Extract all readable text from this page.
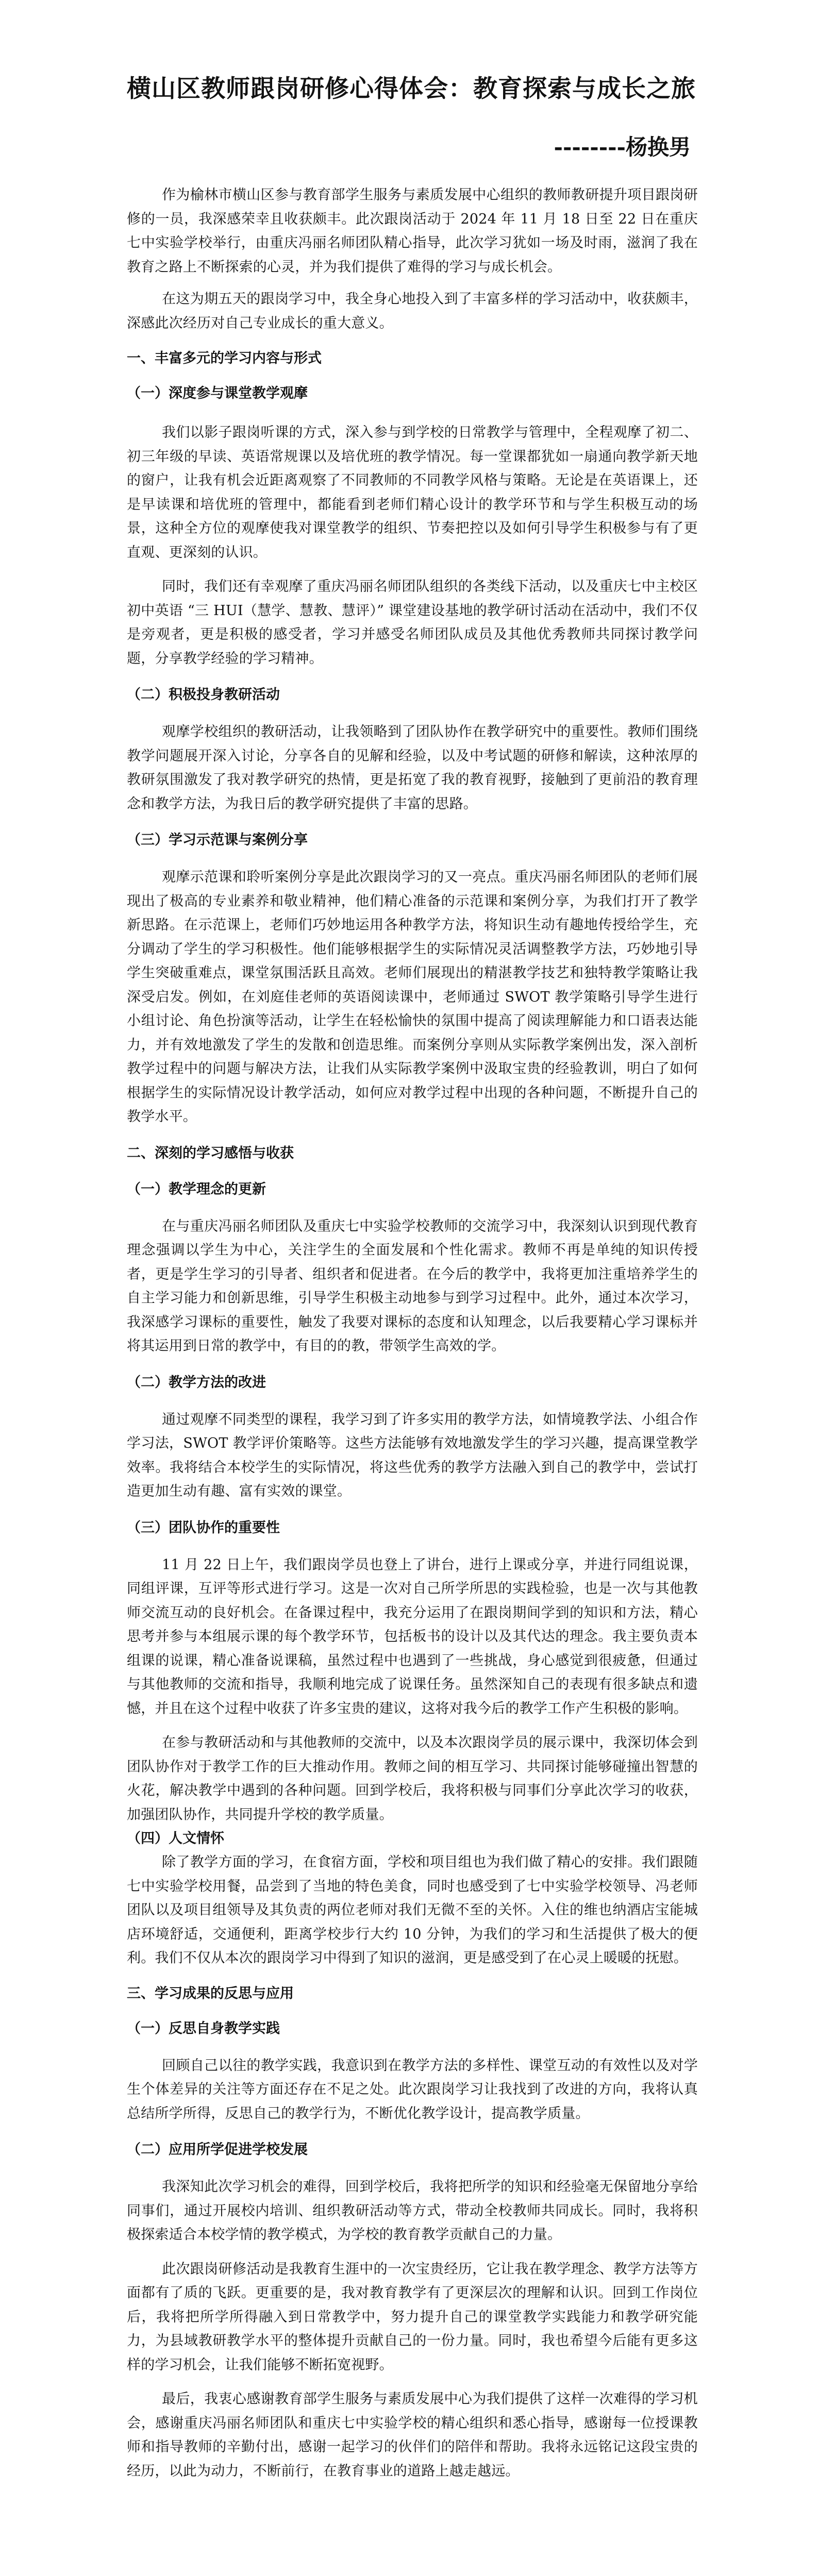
横山区教师跟岗研修心得体会：教育探索与成长之旅
--------杨换男

作为榆林市横山区参与教育部学生服务与素质发展中心组织的教师教研提升项目跟岗研修的一员，我深感荣幸且收获颇丰。此次跟岗活动于 2024 年 11 月 18 日至 22 日在重庆七中实验学校举行，由重庆冯丽名师团队精心指导，此次学习犹如一场及时雨，滋润了我在教育之路上不断探索的心灵，并为我们提供了难得的学习与成长机会。

在这为期五天的跟岗学习中，我全身心地投入到了丰富多样的学习活动中，收获颇丰，深感此次经历对自己专业成长的重大意义。

一、丰富多元的学习内容与形式
（一）深度参与课堂教学观摩

我们以影子跟岗听课的方式，深入参与到学校的日常教学与管理中，全程观摩了初二、初三年级的早读、英语常规课以及培优班的教学情况。每一堂课都犹如一扇通向教学新天地的窗户，让我有机会近距离观察了不同教师的不同教学风格与策略。无论是在英语课上，还是早读课和培优班的管理中，都能看到老师们精心设计的教学环节和与学生积极互动的场景，这种全方位的观摩使我对课堂教学的组织、节奏把控以及如何引导学生积极参与有了更直观、更深刻的认识。

同时，我们还有幸观摩了重庆冯丽名师团队组织的各类线下活动，以及重庆七中主校区初中英语 “三 HUI（慧学、慧教、慧评）” 课堂建设基地的教学研讨活动在活动中，我们不仅是旁观者，更是积极的感受者，学习并感受名师团队成员及其他优秀教师共同探讨教学问题，分享教学经验的学习精神。

（二）积极投身教研活动

观摩学校组织的教研活动，让我领略到了团队协作在教学研究中的重要性。教师们围绕教学问题展开深入讨论，分享各自的见解和经验，以及中考试题的研修和解读，这种浓厚的教研氛围激发了我对教学研究的热情，更是拓宽了我的教育视野，接触到了更前沿的教育理念和教学方法，为我日后的教学研究提供了丰富的思路。

（三）学习示范课与案例分享

观摩示范课和聆听案例分享是此次跟岗学习的又一亮点。重庆冯丽名师团队的老师们展现出了极高的专业素养和敬业精神，他们精心准备的示范课和案例分享，为我们打开了教学新思路。在示范课上，老师们巧妙地运用各种教学方法，将知识生动有趣地传授给学生，充分调动了学生的学习积极性。他们能够根据学生的实际情况灵活调整教学方法，巧妙地引导学生突破重难点，课堂氛围活跃且高效。老师们展现出的精湛教学技艺和独特教学策略让我深受启发。例如，在刘庭佳老师的英语阅读课中，老师通过 SWOT 教学策略引导学生进行小组讨论、角色扮演等活动，让学生在轻松愉快的氛围中提高了阅读理解能力和口语表达能力，并有效地激发了学生的发散和创造思维。而案例分享则从实际教学案例出发，深入剖析教学过程中的问题与解决方法，让我们从实际教学案例中汲取宝贵的经验教训，明白了如何根据学生的实际情况设计教学活动，如何应对教学过程中出现的各种问题，不断提升自己的教学水平。

二、深刻的学习感悟与收获
（一）教学理念的更新

在与重庆冯丽名师团队及重庆七中实验学校教师的交流学习中，我深刻认识到现代教育理念强调以学生为中心，关注学生的全面发展和个性化需求。教师不再是单纯的知识传授者，更是学生学习的引导者、组织者和促进者。在今后的教学中，我将更加注重培养学生的自主学习能力和创新思维，引导学生积极主动地参与到学习过程中。此外，通过本次学习，我深感学习课标的重要性，触发了我要对课标的态度和认知理念，以后我要精心学习课标并将其运用到日常的教学中，有目的的教，带领学生高效的学。

（二）教学方法的改进

通过观摩不同类型的课程，我学习到了许多实用的教学方法，如情境教学法、小组合作学习法，SWOT 教学评价策略等。这些方法能够有效地激发学生的学习兴趣，提高课堂教学效率。我将结合本校学生的实际情况，将这些优秀的教学方法融入到自己的教学中，尝试打造更加生动有趣、富有实效的课堂。

（三）团队协作的重要性

11 月 22 日上午，我们跟岗学员也登上了讲台，进行上课或分享，并进行同组说课，同组评课，互评等形式进行学习。这是一次对自己所学所思的实践检验，也是一次与其他教师交流互动的良好机会。在备课过程中，我充分运用了在跟岗期间学到的知识和方法，精心思考并参与本组展示课的每个教学环节，包括板书的设计以及其代达的理念。我主要负责本组课的说课，精心准备说课稿，虽然过程中也遇到了一些挑战，身心感觉到很疲惫，但通过与其他教师的交流和指导，我顺利地完成了说课任务。虽然深知自己的表现有很多缺点和遗憾，并且在这个过程中收获了许多宝贵的建议，这将对我今后的教学工作产生积极的影响。

在参与教研活动和与其他教师的交流中，以及本次跟岗学员的展示课中，我深切体会到团队协作对于教学工作的巨大推动作用。教师之间的相互学习、共同探讨能够碰撞出智慧的火花，解决教学中遇到的各种问题。回到学校后，我将积极与同事们分享此次学习的收获，加强团队协作，共同提升学校的教学质量。

（四）人文情怀

除了教学方面的学习，在食宿方面，学校和项目组也为我们做了精心的安排。我们跟随七中实验学校用餐，品尝到了当地的特色美食，同时也感受到了七中实验学校领导、冯老师团队以及项目组领导及其负责的两位老师对我们无微不至的关怀。入住的维也纳酒店宝能城店环境舒适，交通便利，距离学校步行大约 10 分钟，为我们的学习和生活提供了极大的便利。我们不仅从本次的跟岗学习中得到了知识的滋润，更是感受到了在心灵上暖暖的抚慰。

三、学习成果的反思与应用
（一）反思自身教学实践

回顾自己以往的教学实践，我意识到在教学方法的多样性、课堂互动的有效性以及对学生个体差异的关注等方面还存在不足之处。此次跟岗学习让我找到了改进的方向，我将认真总结所学所得，反思自己的教学行为，不断优化教学设计，提高教学质量。

（二）应用所学促进学校发展

我深知此次学习机会的难得，回到学校后，我将把所学的知识和经验毫无保留地分享给同事们，通过开展校内培训、组织教研活动等方式，带动全校教师共同成长。同时，我将积极探索适合本校学情的教学模式，为学校的教育教学贡献自己的力量。

此次跟岗研修活动是我教育生涯中的一次宝贵经历，它让我在教学理念、教学方法等方面都有了质的飞跃。更重要的是，我对教育教学有了更深层次的理解和认识。回到工作岗位后，我将把所学所得融入到日常教学中，努力提升自己的课堂教学实践能力和教学研究能力，为县域教研教学水平的整体提升贡献自己的一份力量。同时，我也希望今后能有更多这样的学习机会，让我们能够不断拓宽视野。

最后，我衷心感谢教育部学生服务与素质发展中心为我们提供了这样一次难得的学习机会，感谢重庆冯丽名师团队和重庆七中实验学校的精心组织和悉心指导，感谢每一位授课教师和指导教师的辛勤付出，感谢一起学习的伙伴们的陪伴和帮助。我将永远铭记这段宝贵的经历，以此为动力，不断前行，在教育事业的道路上越走越远。
